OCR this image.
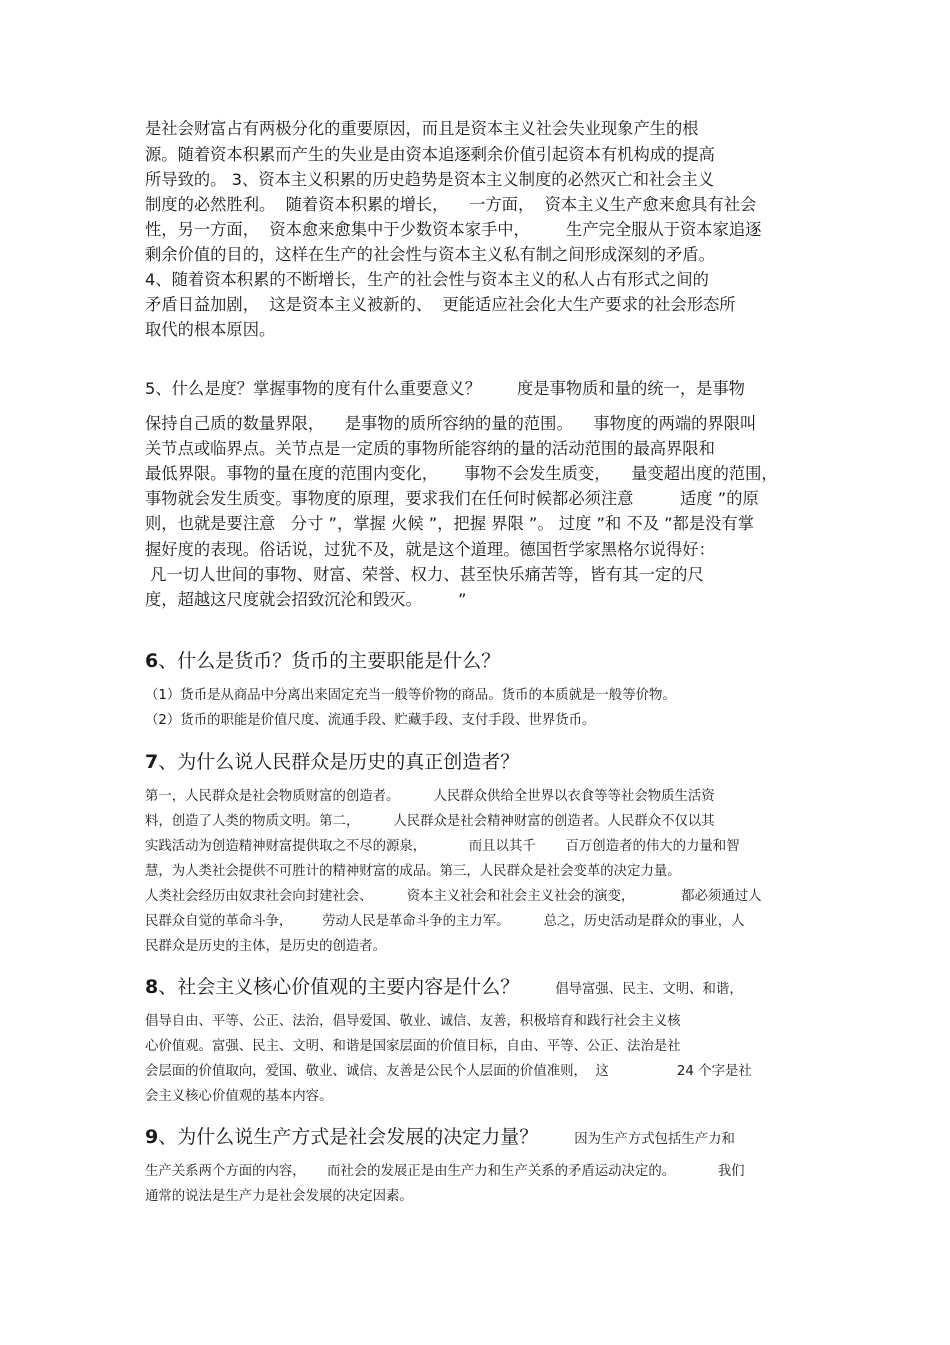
是社会财富占有两极分化的重要原因，而且是资本主义社会失业现象产生的根
源。随着资本积累而产生的失业是由资本追逐剩余价值引起资本有机构成的提高
所导致的。 3、资本主义积累的历史趋势是资本主义制度的必然灭亡和社会主义
制度的必然胜利。  随着资本积累的增长，    一方面，  资本主义生产愈来愈具有社会
性，另一方面，  资本愈来愈集中于少数资本家手中，       生产完全服从于资本家追逐
剩余价值的目的，这样在生产的社会性与资本主义私有制之间形成深刻的矛盾。
4、随着资本积累的不断增长，生产的社会性与资本主义的私人占有形式之间的
矛盾日益加剧，  这是资本主义被新的、  更能适应社会化大生产要求的社会形态所
取代的根本原因。
5、什么是度？掌握事物的度有什么重要意义？ 度是事物质和量的统一，是事物
保持自己质的数量界限，    是事物的质所容纳的量的范围。    事物度的两端的界限叫
关节点或临界点。关节点是一定质的事物所能容纳的量的活动范围的最高界限和
最低界限。事物的量在度的范围内变化，     事物不会发生质变，    量变超出度的范围，
事物就会发生质变。事物度的原理，要求我们在任何时候都必须注意         适度 ”的原
则，也就是要注意   分寸 ”，掌握 火候 ”，把握 界限 ”。 过度 ”和 不及 ”都是没有掌
握好度的表现。俗话说，过犹不及，就是这个道理。德国哲学家黑格尔说得好：
凡一切人世间的事物、财富、荣誉、权力、甚至快乐痛苦等，皆有其一定的尺
度，超越这尺度就会招致沉沦和毁灭。       ”
6、什么是货币？货币的主要职能是什么？
（1）货币是从商品中分离出来固定充当一般等价物的商品。货币的本质就是一般等价物。
（2）货币的职能是价值尺度、流通手段、贮藏手段、支付手段、世界货币。
7、为什么说人民群众是历史的真正创造者？
第一，人民群众是社会物质财富的创造者。        人民群众供给全世界以衣食等等社会物质生活资
料，创造了人类的物质文明。第二，        人民群众是社会精神财富的创造者。人民群众不仅以其
实践活动为创造精神财富提供取之不尽的源泉，          而且以其千       百万创造者的伟大的力量和智
慧，为人类社会提供不可胜计的精神财富的成品。第三，人民群众是社会变革的决定力量。
人类社会经历由奴隶社会向封建社会、        资本主义社会和社会主义社会的演变，           都必须通过人
民群众自觉的革命斗争，       劳动人民是革命斗争的主力军。        总之，历史活动是群众的事业，人
民群众是历史的主体，是历史的创造者。
8、社会主义核心价值观的主要内容是什么？	倡导富强、民主、文明、和谐，
倡导自由、平等、公正、法治，倡导爱国、敬业、诚信、友善，积极培育和践行社会主义核
心价值观。富强、民主、文明、和谐是国家层面的价值目标，自由、平等、公正、法治是社
会层面的价值取向，爱国、敬业、诚信、友善是公民个人层面的价值准则，  这                24 个字是社
会主义核心价值观的基本内容。
9、为什么说生产方式是社会发展的决定力量？	因为生产方式包括生产力和
生产关系两个方面的内容，     而社会的发展正是由生产力和生产关系的矛盾运动决定的。          我们
通常的说法是生产力是社会发展的决定因素。
